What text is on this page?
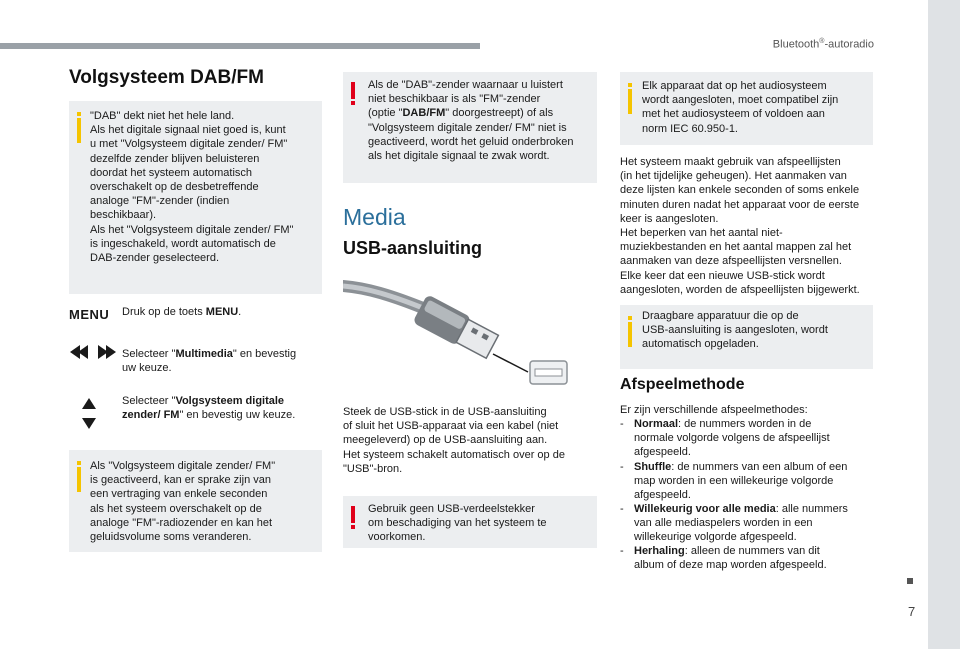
Bluetooth®-autoradio
Volgsysteem DAB/FM

"DAB" dekt niet het hele land.
Als het digitale signaal niet goed is, kunt
u met "Volgsysteem digitale zender/ FM"
dezelfde zender blijven beluisteren
doordat het systeem automatisch
overschakelt op de desbetreffende
analoge "FM"-zender (indien
beschikbaar).
Als het "Volgsysteem digitale zender/ FM"
is ingeschakeld, wordt automatisch de
DAB-zender geselecteerd.

MENU Druk op de toets MENU.

Selecteer "Multimedia" en bevestig
uw keuze.

Selecteer "Volgsysteem digitale
zender/ FM" en bevestig uw keuze.

Als "Volgsysteem digitale zender/ FM"
is geactiveerd, kan er sprake zijn van
een vertraging van enkele seconden
als het systeem overschakelt op de
analoge "FM"-radiozender en kan het
geluidsvolume soms veranderen.

Als de "DAB"-zender waarnaar u luistert
niet beschikbaar is als "FM"-zender
(optie "DAB/FM" doorgestreept) of als
"Volgsysteem digitale zender/ FM" niet is
geactiveerd, wordt het geluid onderbroken
als het digitale signaal te zwak wordt.

Media
USB-aansluiting

Steek de USB-stick in de USB-aansluiting
of sluit het USB-apparaat via een kabel (niet
meegeleverd) op de USB-aansluiting aan.
Het systeem schakelt automatisch over op de
"USB"-bron.

Gebruik geen USB-verdeelstekker
om beschadiging van het systeem te
voorkomen.

Elk apparaat dat op het audiosysteem
wordt aangesloten, moet compatibel zijn
met het audiosysteem of voldoen aan
norm IEC 60.950-1.

Het systeem maakt gebruik van afspeellijsten
(in het tijdelijke geheugen). Het aanmaken van
deze lijsten kan enkele seconden of soms enkele
minuten duren nadat het apparaat voor de eerste
keer is aangesloten.
Het beperken van het aantal niet-
muziekbestanden en het aantal mappen zal het
aanmaken van deze afspeellijsten versnellen.
Elke keer dat een nieuwe USB-stick wordt
aangesloten, worden de afspeellijsten bijgewerkt.

Draagbare apparatuur die op de
USB-aansluiting is aangesloten, wordt
automatisch opgeladen.

Afspeelmethode

Er zijn verschillende afspeelmethodes:

- Normaal: de nummers worden in de
normale volgorde volgens de afspeellijst
afgespeeld.
- Shuffle: de nummers van een album of een
map worden in een willekeurige volgorde
afgespeeld.
- Willekeurig voor alle media: alle nummers
van alle mediaspelers worden in een
willekeurige volgorde afgespeeld.
- Herhaling: alleen de nummers van dit
album of deze map worden afgespeeld.
7
